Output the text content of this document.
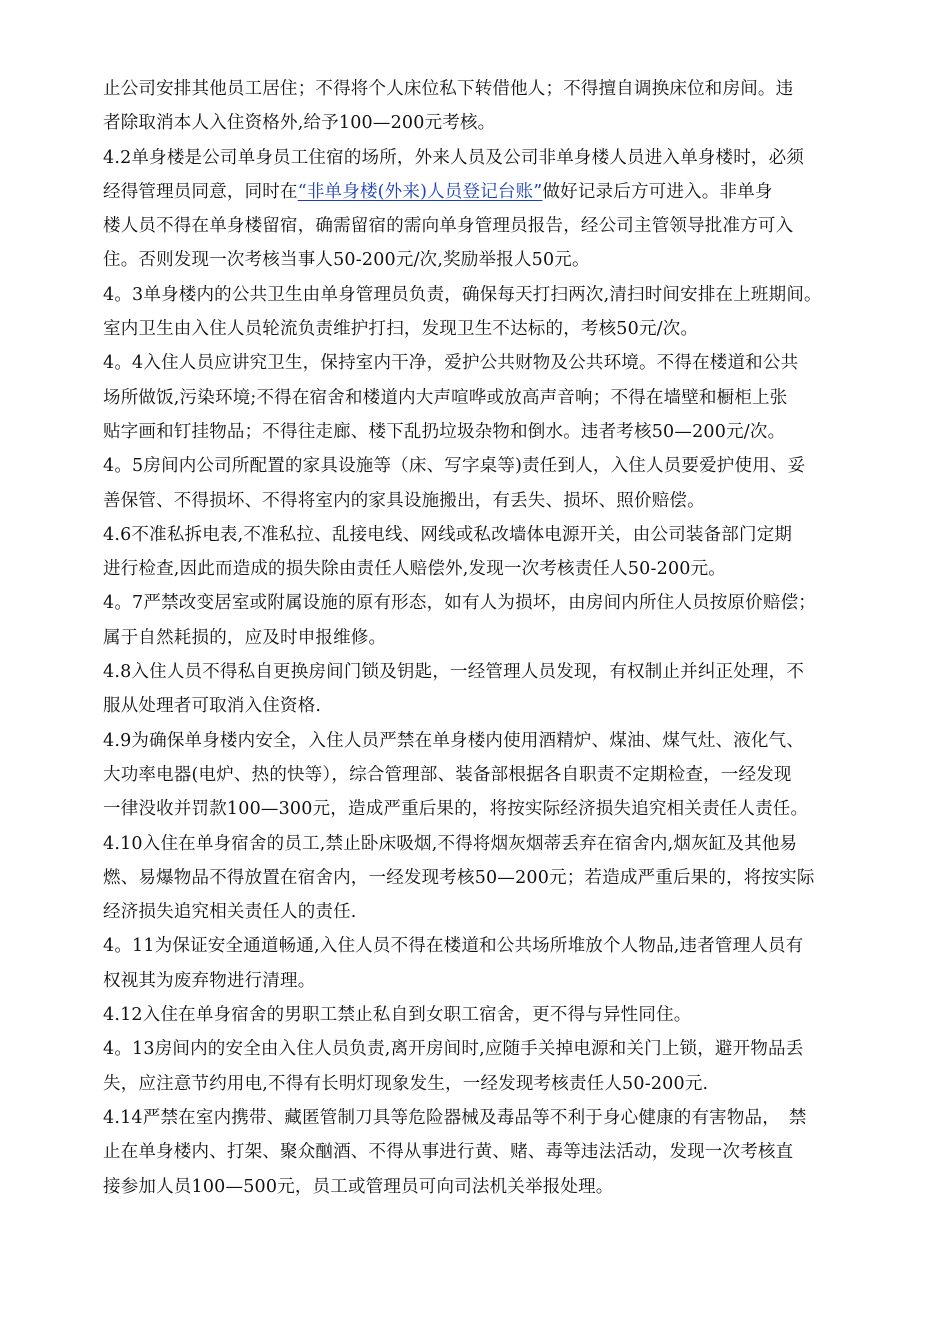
止公司安排其他员工居住；不得将个人床位私下转借他人；不得擅自调换床位和房间。违
者除取消本人入住资格外,给予100—200元考核。
4.2单身楼是公司单身员工住宿的场所，外来人员及公司非单身楼人员进入单身楼时，必须
经得管理员同意，同时在“非单身楼(外来)人员登记台账”做好记录后方可进入。非单身
楼人员不得在单身楼留宿，确需留宿的需向单身管理员报告，经公司主管领导批准方可入
住。否则发现一次考核当事人50-200元/次,奖励举报人50元。
4。3单身楼内的公共卫生由单身管理员负责，确保每天打扫两次,清扫时间安排在上班期间。
室内卫生由入住人员轮流负责维护打扫，发现卫生不达标的，考核50元/次。
4。4入住人员应讲究卫生，保持室内干净，爱护公共财物及公共环境。不得在楼道和公共
场所做饭,污染环境;不得在宿舍和楼道内大声喧哗或放高声音响；不得在墙壁和橱柜上张
贴字画和钉挂物品；不得往走廊、楼下乱扔垃圾杂物和倒水。违者考核50—200元/次。
4。5房间内公司所配置的家具设施等（床、写字桌等)责任到人，入住人员要爱护使用、妥
善保管、不得损坏、不得将室内的家具设施搬出，有丢失、损坏、照价赔偿。
4.6不准私拆电表,不准私拉、乱接电线、网线或私改墙体电源开关，由公司装备部门定期
进行检查,因此而造成的损失除由责任人赔偿外,发现一次考核责任人50-200元。
4。7严禁改变居室或附属设施的原有形态，如有人为损坏，由房间内所住人员按原价赔偿；
属于自然耗损的，应及时申报维修。
4.8入住人员不得私自更换房间门锁及钥匙，一经管理人员发现，有权制止并纠正处理，不
服从处理者可取消入住资格.
4.9为确保单身楼内安全，入住人员严禁在单身楼内使用酒精炉、煤油、煤气灶、液化气、
大功率电器(电炉、热的快等），综合管理部、装备部根据各自职责不定期检查，一经发现
一律没收并罚款100—300元，造成严重后果的，将按实际经济损失追究相关责任人责任。
4.10入住在单身宿舍的员工,禁止卧床吸烟,不得将烟灰烟蒂丢弃在宿舍内,烟灰缸及其他易
燃、易爆物品不得放置在宿舍内，一经发现考核50—200元；若造成严重后果的，将按实际
经济损失追究相关责任人的责任.
4。11为保证安全通道畅通,入住人员不得在楼道和公共场所堆放个人物品,违者管理人员有
权视其为废弃物进行清理。
4.12入住在单身宿舍的男职工禁止私自到女职工宿舍，更不得与异性同住。
4。13房间内的安全由入住人员负责,离开房间时,应随手关掉电源和关门上锁，避开物品丢
失，应注意节约用电,不得有长明灯现象发生，一经发现考核责任人50-200元.
4.14严禁在室内携带、藏匿管制刀具等危险器械及毒品等不利于身心健康的有害物品，　禁
止在单身楼内、打架、聚众酗酒、不得从事进行黄、赌、毒等违法活动，发现一次考核直
接参加人员100—500元，员工或管理员可向司法机关举报处理。
